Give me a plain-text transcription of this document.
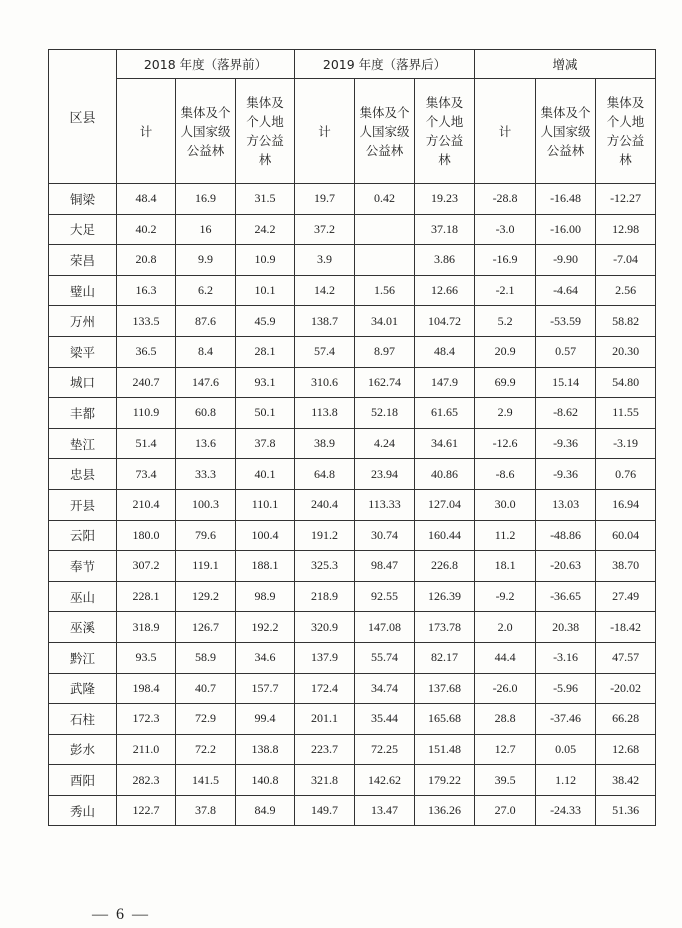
区县	2018 年度（落界前）			2019 年度（落界后）			增减		
	计	集体及个人国家级公益林	集体及个人地方公益林	计	集体及个人国家级公益林	集体及个人地方公益林	计	集体及个人国家级公益林	集体及个人地方公益林

铜梁	48.4	16.9	31.5	19.7	0.42	19.23	-28.8	-16.48	-12.27
大足	40.2	16	24.2	37.2		37.18	-3.0	-16.00	12.98
荣昌	20.8	9.9	10.9	3.9		3.86	-16.9	-9.90	-7.04
璧山	16.3	6.2	10.1	14.2	1.56	12.66	-2.1	-4.64	2.56
万州	133.5	87.6	45.9	138.7	34.01	104.72	5.2	-53.59	58.82
梁平	36.5	8.4	28.1	57.4	8.97	48.4	20.9	0.57	20.30
城口	240.7	147.6	93.1	310.6	162.74	147.9	69.9	15.14	54.80
丰都	110.9	60.8	50.1	113.8	52.18	61.65	2.9	-8.62	11.55
垫江	51.4	13.6	37.8	38.9	4.24	34.61	-12.6	-9.36	-3.19
忠县	73.4	33.3	40.1	64.8	23.94	40.86	-8.6	-9.36	0.76
开县	210.4	100.3	110.1	240.4	113.33	127.04	30.0	13.03	16.94
云阳	180.0	79.6	100.4	191.2	30.74	160.44	11.2	-48.86	60.04
奉节	307.2	119.1	188.1	325.3	98.47	226.8	18.1	-20.63	38.70
巫山	228.1	129.2	98.9	218.9	92.55	126.39	-9.2	-36.65	27.49
巫溪	318.9	126.7	192.2	320.9	147.08	173.78	2.0	20.38	-18.42
黔江	93.5	58.9	34.6	137.9	55.74	82.17	44.4	-3.16	47.57
武隆	198.4	40.7	157.7	172.4	34.74	137.68	-26.0	-5.96	-20.02
石柱	172.3	72.9	99.4	201.1	35.44	165.68	28.8	-37.46	66.28
彭水	211.0	72.2	138.8	223.7	72.25	151.48	12.7	0.05	12.68
酉阳	282.3	141.5	140.8	321.8	142.62	179.22	39.5	1.12	38.42
秀山	122.7	37.8	84.9	149.7	13.47	136.26	27.0	-24.33	51.36
— 6 —
